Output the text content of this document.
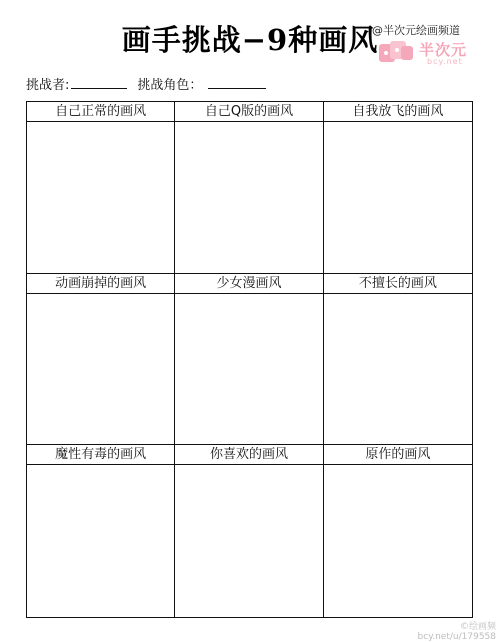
画手挑战−9种画风
@半次元绘画频道
半次元
bcy.net
挑战者:	挑战角色：
自己正常的画风	自己Q版的画风	自我放飞的画风
动画崩掉的画风	少女漫画风	不擅长的画风
魔性有毒的画风	你喜欢的画风	原作的画风
©绘画频
bcy.net/u/179558
